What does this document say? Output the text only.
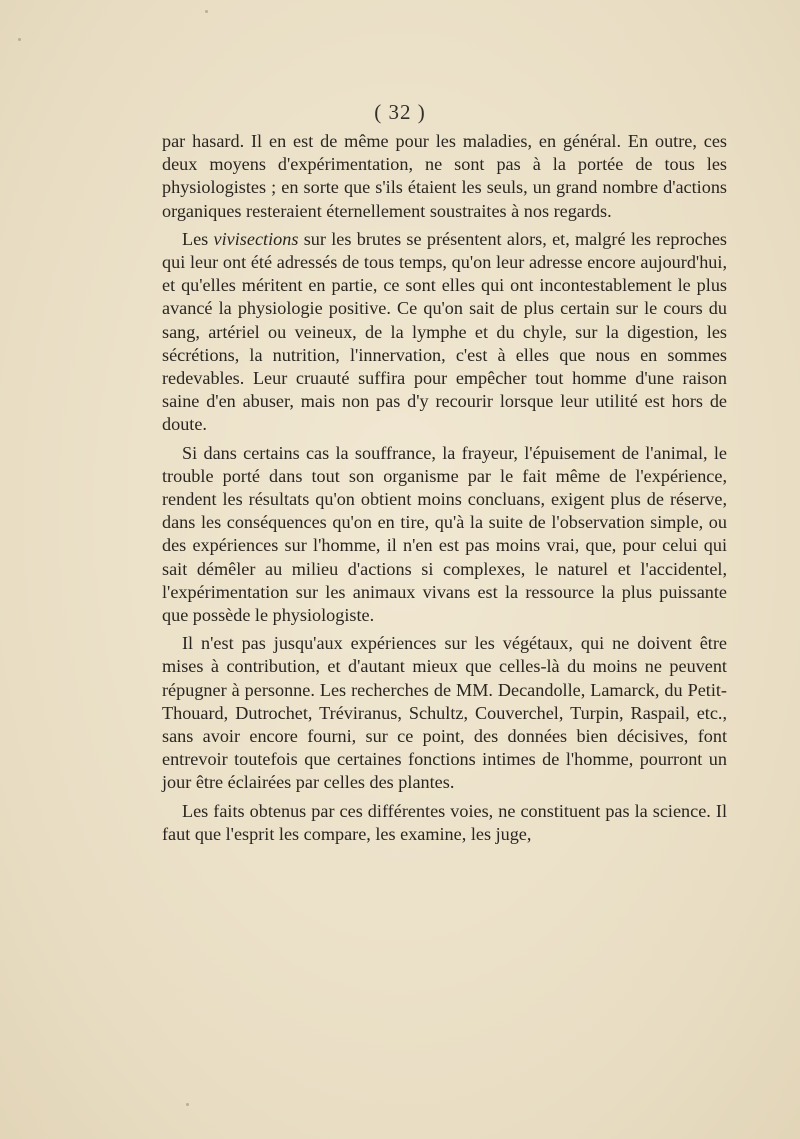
( 32 )

par hasard. Il en est de même pour les maladies, en général. En outre, ces deux moyens d'expérimentation, ne sont pas à la portée de tous les physiologistes ; en sorte que s'ils étaient les seuls, un grand nombre d'actions organiques resteraient éternellement soustraites à nos regards.

Les vivisections sur les brutes se présentent alors, et, malgré les reproches qui leur ont été adressés de tous temps, qu'on leur adresse encore aujourd'hui, et qu'elles méritent en partie, ce sont elles qui ont incontestablement le plus avancé la physiologie positive. Ce qu'on sait de plus certain sur le cours du sang, artériel ou veineux, de la lymphe et du chyle, sur la digestion, les sécrétions, la nutrition, l'innervation, c'est à elles que nous en sommes redevables. Leur cruauté suffira pour empêcher tout homme d'une raison saine d'en abuser, mais non pas d'y recourir lorsque leur utilité est hors de doute.

Si dans certains cas la souffrance, la frayeur, l'épuisement de l'animal, le trouble porté dans tout son organisme par le fait même de l'expérience, rendent les résultats qu'on obtient moins concluans, exigent plus de réserve, dans les conséquences qu'on en tire, qu'à la suite de l'observation simple, ou des expériences sur l'homme, il n'en est pas moins vrai, que, pour celui qui sait démêler au milieu d'actions si complexes, le naturel et l'accidentel, l'expérimentation sur les animaux vivans est la ressource la plus puissante que possède le physiologiste.

Il n'est pas jusqu'aux expériences sur les végétaux, qui ne doivent être mises à contribution, et d'autant mieux que celles-là du moins ne peuvent répugner à personne. Les recherches de MM. Decandolle, Lamarck, du Petit-Thouard, Dutrochet, Tréviranus, Schultz, Couverchel, Turpin, Raspail, etc., sans avoir encore fourni, sur ce point, des données bien décisives, font entrevoir toutefois que certaines fonctions intimes de l'homme, pourront un jour être éclairées par celles des plantes.

Les faits obtenus par ces différentes voies, ne constituent pas la science. Il faut que l'esprit les compare, les examine, les juge,
